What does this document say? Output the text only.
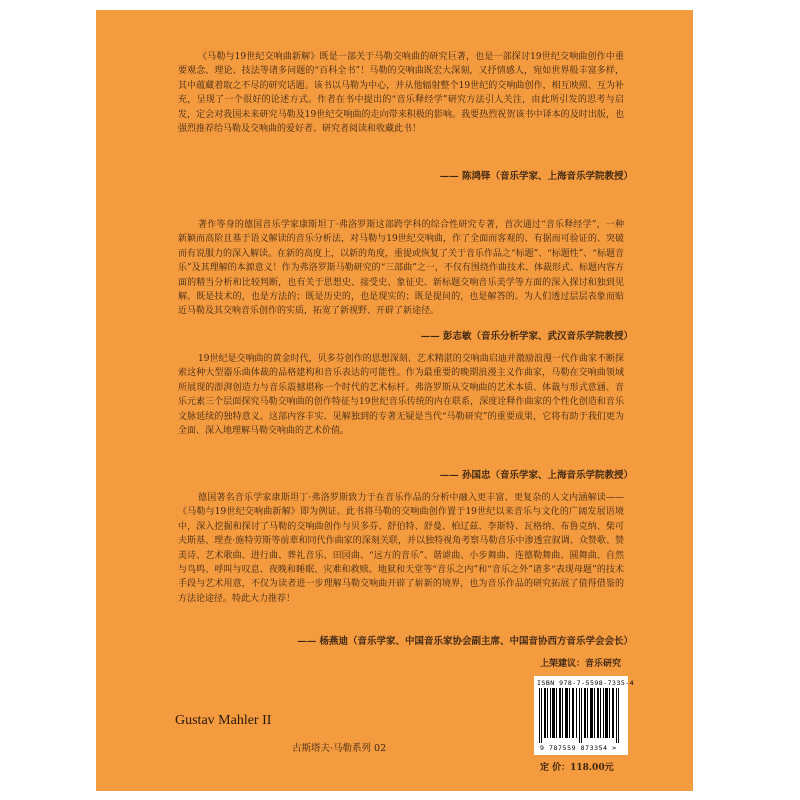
《马勒与19世纪交响曲新解》既是一部关于马勒交响曲的研究巨著，也是一部探讨19世纪交响曲创作中重要观念、理论、技法等诸多问题的“百科全书”！马勒的交响曲既宏大深刻，又抒情感人，宛如世界般丰富多样，其中蕴藏着取之不尽的研究话题。该书以马勒为中心，并从他辐射整个19世纪的交响曲创作，相互映照、互为补充，呈现了一个很好的论述方式。作者在书中提出的“音乐释经学”研究方法引人关注，由此所引发的思考与启发，定会对我国未来研究马勒及19世纪交响曲的走向带来积极的影响。我要热烈祝贺该书中译本的及时出版，也强烈推荐给马勒及交响曲的爱好者、研究者阅读和收藏此书！

—— 陈鸿铎（音乐学家、上海音乐学院教授）

著作等身的德国音乐学家康斯坦丁·弗洛罗斯这部跨学科的综合性研究专著，首次通过“音乐释经学”，一种新颖而高阶且基于语义解读的音乐分析法，对马勒与19世纪交响曲，作了全面而客观的、有据而可验证的、突破而有说服力的深入解读。在新的高度上，以新的角度，重提或恢复了关于音乐作品之“标题”、“标题性”、“标题音乐”及其理解的本源意义！作为弗洛罗斯马勒研究的“三部曲”之一，不仅有围绕作曲技术、体裁形式、标题内容方面的精当分析和比较判断，也有关于思想史、接受史、象征史、新标题交响音乐美学等方面的深入探讨和独到见解。既是技术的，也是方法的；既是历史的，也是现实的；既是提问的，也是解答的。为人们透过层层表象而贴近马勒及其交响音乐创作的实质，拓宽了新视野、开辟了新途径。

—— 彭志敏（音乐分析学家、武汉音乐学院教授）

19世纪是交响曲的黄金时代，贝多芬创作的思想深刻、艺术精湛的交响曲启迪并激励浪漫一代作曲家不断探索这种大型器乐曲体裁的品格建构和音乐表达的可能性。作为最重要的晚期浪漫主义作曲家，马勒在交响曲领域所展现的澎湃创造力与音乐震撼堪称一个时代的艺术标杆。弗洛罗斯从交响曲的艺术本质、体裁与形式意涵、音乐元素三个层面探究马勒交响曲的创作特征与19世纪音乐传统的内在联系，深度诠释作曲家的个性化创造和音乐文脉延续的独特意义。这部内容丰实、见解独到的专著无疑是当代“马勒研究”的重要成果，它将有助于我们更为全面、深入地理解马勒交响曲的艺术价值。

—— 孙国忠（音乐学家、上海音乐学院教授）

德国著名音乐学家康斯坦丁·弗洛罗斯致力于在音乐作品的分析中融入更丰富、更复杂的人文内涵解读——《马勒与19世纪交响曲新解》即为例证。此书将马勒的交响曲创作置于19世纪以来音乐与文化的广阔发展语境中，深入挖掘和探讨了马勒的交响曲创作与贝多芬、舒伯特、舒曼、柏辽兹、李斯特、瓦格纳、布鲁克纳、柴可夫斯基、理查·施特劳斯等前辈和同代作曲家的深刻关联，并以独特视角考察马勒音乐中渗透宣叙调、众赞歌、赞美诗、艺术歌曲、进行曲、葬礼音乐、田园曲、“远方的音乐”、谐谑曲、小步舞曲、连德勒舞曲、圆舞曲、自然与鸟鸣、呼叫与叹息、夜晚和睡眠、灾难和救赎、地狱和天堂等“音乐之内”和“音乐之外”诸多“表现母题”的技术手段与艺术用意，不仅为读者进一步理解马勒交响曲开辟了崭新的境界，也为音乐作品的研究拓展了值得借鉴的方法论途径。特此大力推荐！

—— 杨燕迪（音乐学家、中国音乐家协会副主席、中国音协西方音乐学会会长）
Gustav Mahler II
古斯塔夫·马勒系列 02
上架建议：音乐研究
ISBN 978-7-5598-7335-4
9 787559 873354 >
定 价：118.00元
